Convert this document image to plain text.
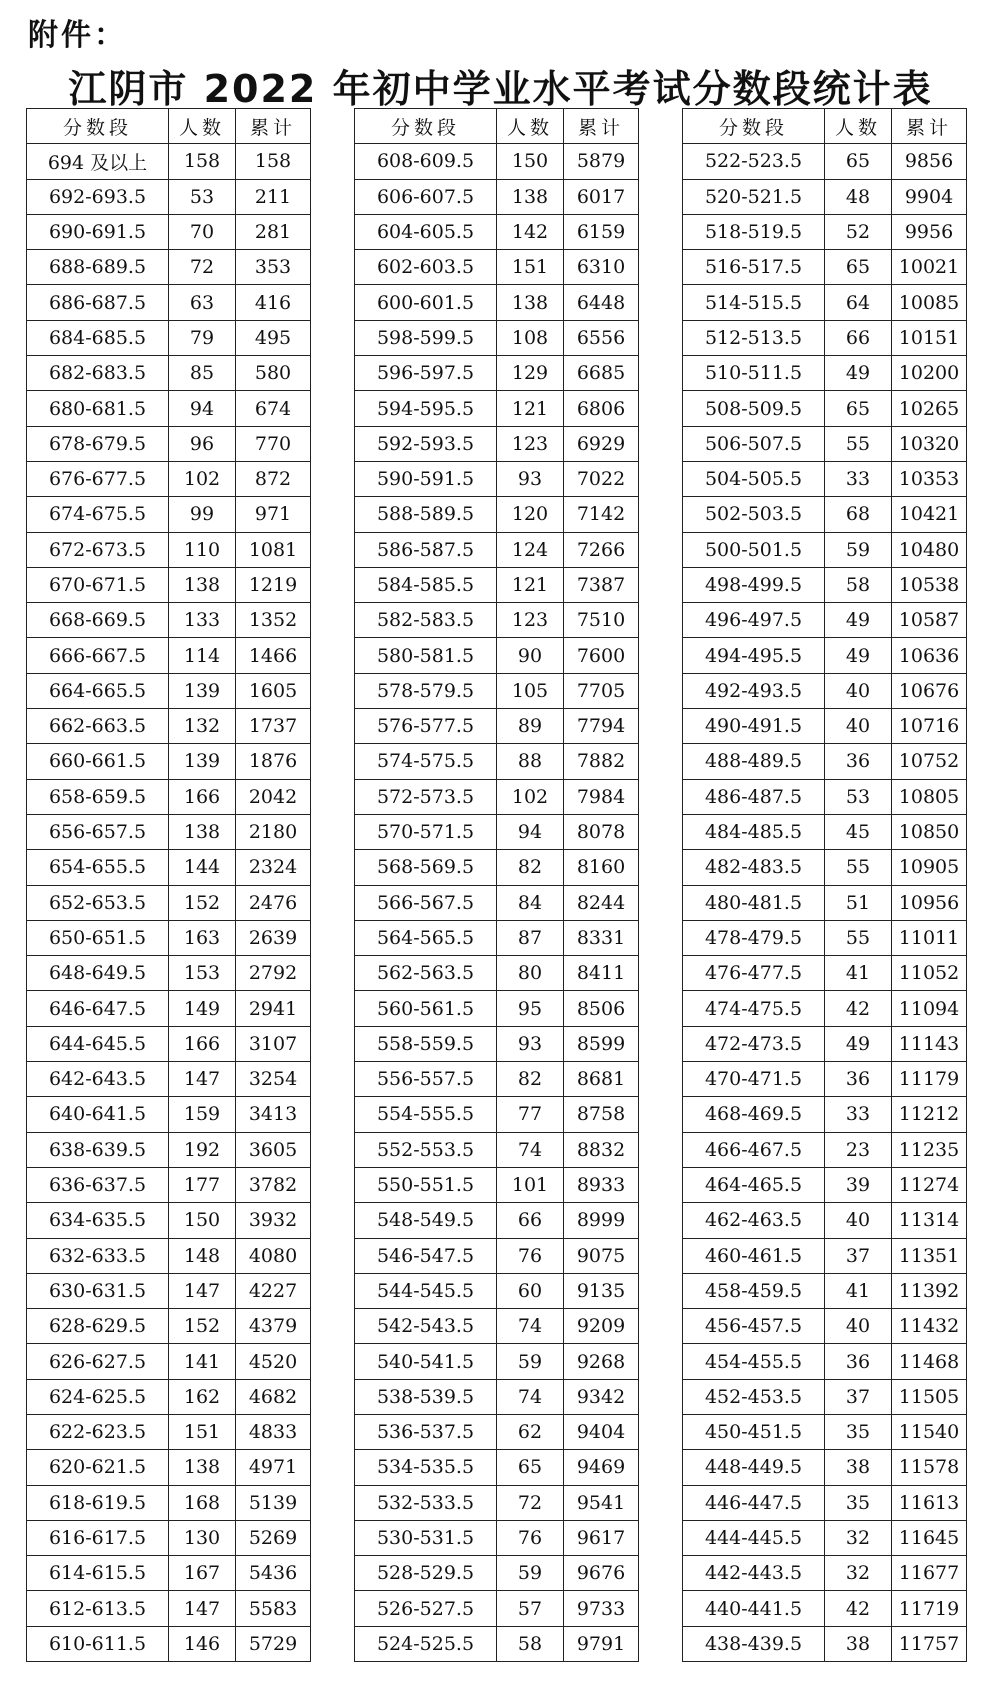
附件：
江阴市 2022 年初中学业水平考试分数段统计表
分数段	人数	累计
694 及以上	158	158
692-693.5	53	211
690-691.5	70	281
688-689.5	72	353
686-687.5	63	416
684-685.5	79	495
682-683.5	85	580
680-681.5	94	674
678-679.5	96	770
676-677.5	102	872
674-675.5	99	971
672-673.5	110	1081
670-671.5	138	1219
668-669.5	133	1352
666-667.5	114	1466
664-665.5	139	1605
662-663.5	132	1737
660-661.5	139	1876
658-659.5	166	2042
656-657.5	138	2180
654-655.5	144	2324
652-653.5	152	2476
650-651.5	163	2639
648-649.5	153	2792
646-647.5	149	2941
644-645.5	166	3107
642-643.5	147	3254
640-641.5	159	3413
638-639.5	192	3605
636-637.5	177	3782
634-635.5	150	3932
632-633.5	148	4080
630-631.5	147	4227
628-629.5	152	4379
626-627.5	141	4520
624-625.5	162	4682
622-623.5	151	4833
620-621.5	138	4971
618-619.5	168	5139
616-617.5	130	5269
614-615.5	167	5436
612-613.5	147	5583
610-611.5	146	5729
分数段	人数	累计
608-609.5	150	5879
606-607.5	138	6017
604-605.5	142	6159
602-603.5	151	6310
600-601.5	138	6448
598-599.5	108	6556
596-597.5	129	6685
594-595.5	121	6806
592-593.5	123	6929
590-591.5	93	7022
588-589.5	120	7142
586-587.5	124	7266
584-585.5	121	7387
582-583.5	123	7510
580-581.5	90	7600
578-579.5	105	7705
576-577.5	89	7794
574-575.5	88	7882
572-573.5	102	7984
570-571.5	94	8078
568-569.5	82	8160
566-567.5	84	8244
564-565.5	87	8331
562-563.5	80	8411
560-561.5	95	8506
558-559.5	93	8599
556-557.5	82	8681
554-555.5	77	8758
552-553.5	74	8832
550-551.5	101	8933
548-549.5	66	8999
546-547.5	76	9075
544-545.5	60	9135
542-543.5	74	9209
540-541.5	59	9268
538-539.5	74	9342
536-537.5	62	9404
534-535.5	65	9469
532-533.5	72	9541
530-531.5	76	9617
528-529.5	59	9676
526-527.5	57	9733
524-525.5	58	9791
分数段	人数	累计
522-523.5	65	9856
520-521.5	48	9904
518-519.5	52	9956
516-517.5	65	10021
514-515.5	64	10085
512-513.5	66	10151
510-511.5	49	10200
508-509.5	65	10265
506-507.5	55	10320
504-505.5	33	10353
502-503.5	68	10421
500-501.5	59	10480
498-499.5	58	10538
496-497.5	49	10587
494-495.5	49	10636
492-493.5	40	10676
490-491.5	40	10716
488-489.5	36	10752
486-487.5	53	10805
484-485.5	45	10850
482-483.5	55	10905
480-481.5	51	10956
478-479.5	55	11011
476-477.5	41	11052
474-475.5	42	11094
472-473.5	49	11143
470-471.5	36	11179
468-469.5	33	11212
466-467.5	23	11235
464-465.5	39	11274
462-463.5	40	11314
460-461.5	37	11351
458-459.5	41	11392
456-457.5	40	11432
454-455.5	36	11468
452-453.5	37	11505
450-451.5	35	11540
448-449.5	38	11578
446-447.5	35	11613
444-445.5	32	11645
442-443.5	32	11677
440-441.5	42	11719
438-439.5	38	11757
